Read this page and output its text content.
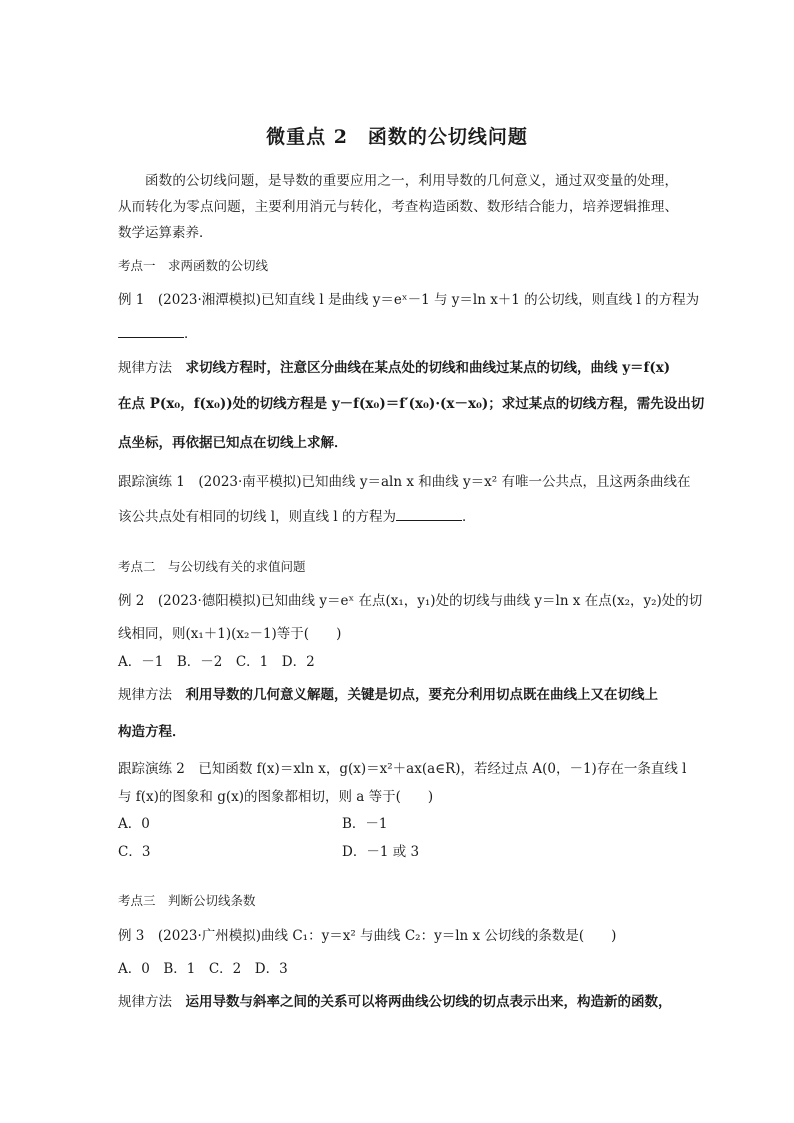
微重点 2　函数的公切线问题
函数的公切线问题，是导数的重要应用之一，利用导数的几何意义，通过双变量的处理，从而转化为零点问题，主要利用消元与转化，考查构造函数、数形结合能力，培养逻辑推理、数学运算素养．
考点一　求两函数的公切线
例 1　(2023·湘潭模拟)已知直线 l 是曲线 y＝eˣ－1 与 y＝ln x＋1 的公切线，则直线 l 的方程为
．
规律方法　 求切线方程时，注意区分曲线在某点处的切线和曲线过某点的切线，曲线 y＝f(x)
在点 P(x₀，f(x₀))处的切线方程是 y－f(x₀)＝f′(x₀)·(x－x₀)；求过某点的切线方程，需先设出切
点坐标，再依据已知点在切线上求解．
跟踪演练 1　(2023·南平模拟)已知曲线 y＝aln x 和曲线 y＝x² 有唯一公共点，且这两条曲线在
该公共点处有相同的切线 l，则直线 l 的方程为	．
考点二　与公切线有关的求值问题
例 2　(2023·德阳模拟)已知曲线 y＝eˣ 在点(x₁，y₁)处的切线与曲线 y＝ln x 在点(x₂，y₂)处的切
线相同，则(x₁＋1)(x₂－1)等于(　　)
A．－1　B．－2　C．1　D．2
规律方法　 利用导数的几何意义解题，关键是切点，要充分利用切点既在曲线上又在切线上
构造方程．
跟踪演练 2　已知函数 f(x)＝xln x，g(x)＝x²＋ax(a∈R)，若经过点 A(0，－1)存在一条直线 l
与 f(x)的图象和 g(x)的图象都相切，则 a 等于(　　)
A．0	B．－1
C．3	D．－1 或 3
考点三　判断公切线条数
例 3　(2023·广州模拟)曲线 C₁：y＝x² 与曲线 C₂：y＝ln x 公切线的条数是(　　)
A．0　B．1　C．2　D．3
规律方法　 运用导数与斜率之间的关系可以将两曲线公切线的切点表示出来，构造新的函数，
